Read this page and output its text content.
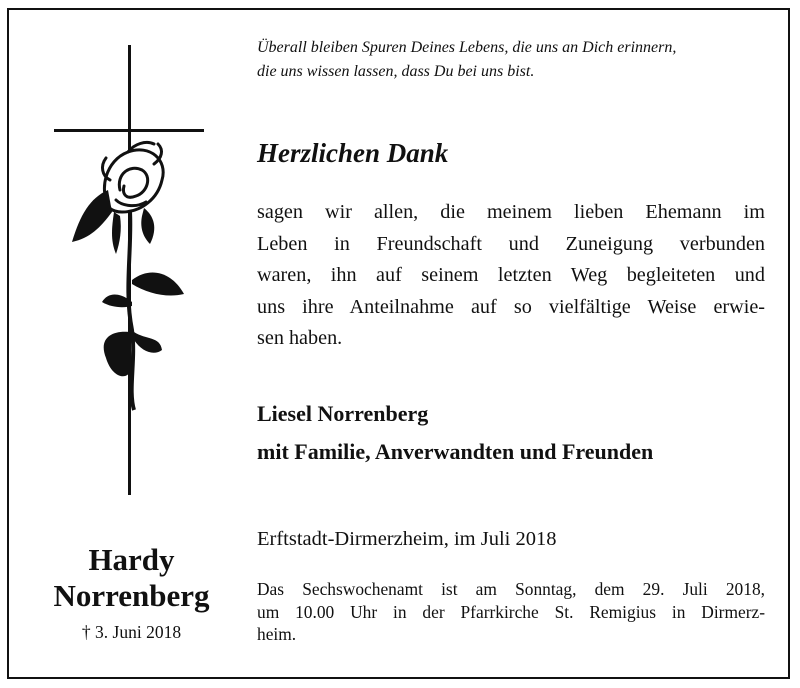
Überall bleiben Spuren Deines Lebens, die uns an Dich erinnern,
die uns wissen lassen, dass Du bei uns bist.
Herzlichen Dank
sagen wir allen, die meinem lieben Ehemann im
Leben in Freundschaft und Zuneigung verbunden
waren, ihn auf seinem letzten Weg begleiteten und
uns ihre Anteilnahme auf so vielfältige Weise erwie-
sen haben.
Liesel Norrenberg
mit Familie, Anverwandten und Freunden
Erftstadt-Dirmerzheim, im Juli 2018
Das Sechswochenamt ist am Sonntag, dem 29. Juli 2018,
um 10.00 Uhr in der Pfarrkirche St. Remigius in Dirmerz-
heim.
Hardy
Norrenberg
† 3. Juni 2018
